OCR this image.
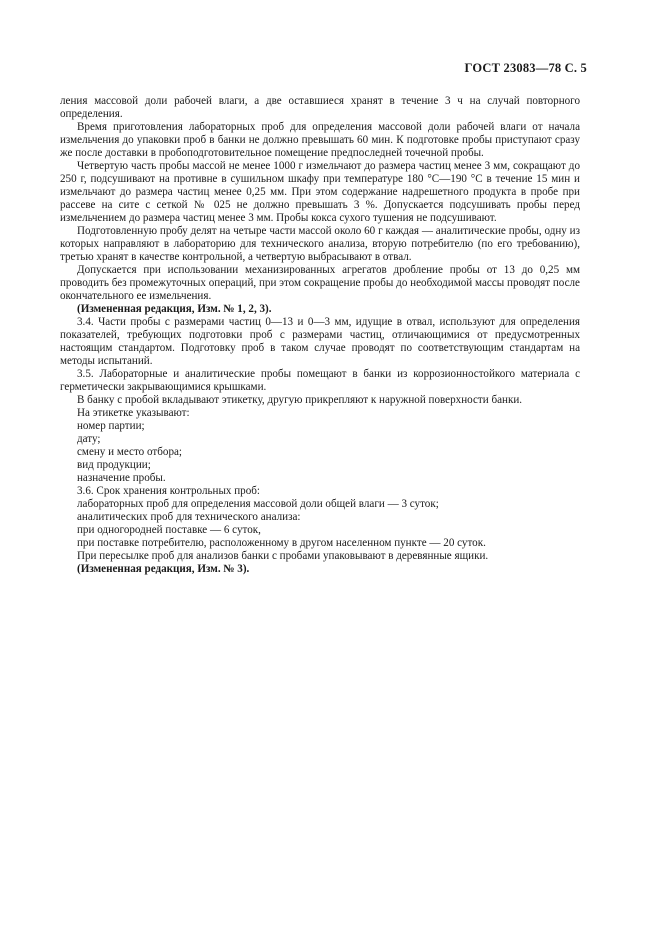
ГОСТ 23083—78 С. 5

ления массовой доли рабочей влаги, а две оставшиеся хранят в течение 3 ч на случай повторного определения.

Время приготовления лабораторных проб для определения массовой доли рабочей влаги от начала измельчения до упаковки проб в банки не должно превышать 60 мин. К подготовке пробы приступают сразу же после доставки в пробоподготовительное помещение предпоследней точечной пробы.

Четвертую часть пробы массой не менее 1000 г измельчают до размера частиц менее 3 мм, сокращают до 250 г, подсушивают на противне в сушильном шкафу при температуре 180 °С—190 °С в течение 15 мин и измельчают до размера частиц менее 0,25 мм. При этом содержание надрешетного продукта в пробе при рассеве на сите с сеткой № 025 не должно превышать 3 %. Допускается подсушивать пробы перед измельчением до размера частиц менее 3 мм. Пробы кокса сухого тушения не подсушивают.

Подготовленную пробу делят на четыре части массой около 60 г каждая — аналитические пробы, одну из которых направляют в лабораторию для технического анализа, вторую потребителю (по его требованию), третью хранят в качестве контрольной, а четвертую выбрасывают в отвал.

Допускается при использовании механизированных агрегатов дробление пробы от 13 до 0,25 мм проводить без промежуточных операций, при этом сокращение пробы до необходимой массы проводят после окончательного ее измельчения.

(Измененная редакция, Изм. № 1, 2, 3).

3.4. Части пробы с размерами частиц 0—13 и 0—3 мм, идущие в отвал, используют для определения показателей, требующих подготовки проб с размерами частиц, отличающимися от предусмотренных настоящим стандартом. Подготовку проб в таком случае проводят по соответствующим стандартам на методы испытаний.

3.5. Лабораторные и аналитические пробы помещают в банки из коррозионностойкого материала с герметически закрывающимися крышками.

В банку с пробой вкладывают этикетку, другую прикрепляют к наружной поверхности банки.

На этикетке указывают:

номер партии;

дату;

смену и место отбора;

вид продукции;

назначение пробы.

3.6. Срок хранения контрольных проб:

лабораторных проб для определения массовой доли общей влаги — 3 суток;

аналитических проб для технического анализа:

при одногородней поставке — 6 суток,

при поставке потребителю, расположенному в другом населенном пункте — 20 суток.

При пересылке проб для анализов банки с пробами упаковывают в деревянные ящики.

(Измененная редакция, Изм. № 3).
